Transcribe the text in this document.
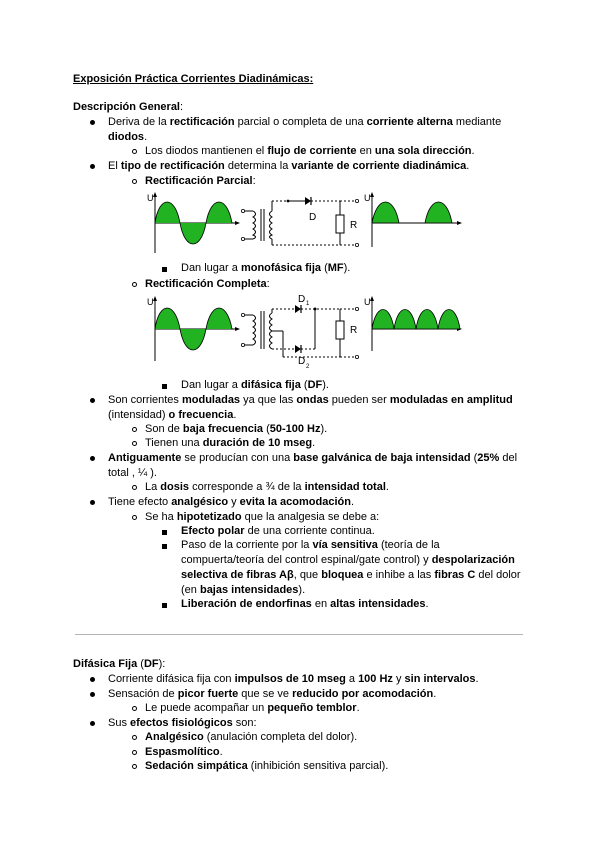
Exposición Práctica Corrientes Diadinámicas:
Descripción General:
Deriva de la rectificación parcial o completa de una corriente alterna mediante
diodos.
Los diodos mantienen el flujo de corriente en una sola dirección.
El tipo de rectificación determina la variante de corriente diadinámica.
Rectificación Parcial:
U
D
R
U
Dan lugar a monofásica fija (MF).
Rectificación Completa:
U	D 1
D 2
R
U
Dan lugar a difásica fija (DF).
Son corrientes moduladas ya que las ondas pueden ser moduladas en amplitud
(intensidad) o frecuencia.
Son de baja frecuencia (50-100 Hz).
Tienen una duración de 10 mseg.
Antiguamente se producían con una base galvánica de baja intensidad (25% del
total , ¼ ).
La dosis corresponde a ¾ de la intensidad total.
Tiene efecto analgésico y evita la acomodación.
Se ha hipotetizado que la analgesia se debe a:
Efecto polar de una corriente continua.
Paso de la corriente por la vía sensitiva (teoría de la
compuerta/teoría del control espinal/gate control) y despolarización
selectiva de fibras Aβ, que bloquea e inhibe a las fibras C del dolor
(en bajas intensidades).
Liberación de endorfinas en altas intensidades.
Difásica Fija (DF):
Corriente difásica fija con impulsos de 10 mseg a 100 Hz y sin intervalos.
Sensación de picor fuerte que se ve reducido por acomodación.
Le puede acompañar un pequeño temblor.
Sus efectos fisiológicos son:
Analgésico (anulación completa del dolor).
Espasmolítico.
Sedación simpática (inhibición sensitiva parcial).
